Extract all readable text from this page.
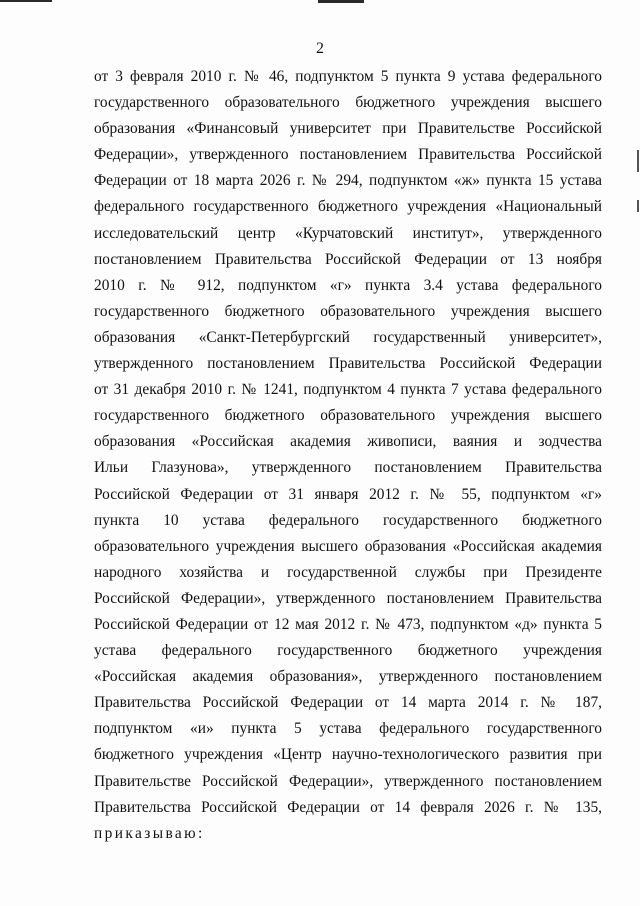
2
от 3 февраля 2010 г. № 46, подпунктом 5 пункта 9 устава федерального
государственного образовательного бюджетного учреждения высшего
образования «Финансовый университет при Правительстве Российской
Федерации», утвержденного постановлением Правительства Российской
Федерации от 18 марта 2026 г. № 294, подпунктом «ж» пункта 15 устава
федерального государственного бюджетного учреждения «Национальный
исследовательский центр «Курчатовский институт», утвержденного
постановлением Правительства Российской Федерации от 13 ноября
2010 г. № 912, подпунктом «г» пункта 3.4 устава федерального
государственного бюджетного образовательного учреждения высшего
образования «Санкт-Петербургский государственный университет»,
утвержденного постановлением Правительства Российской Федерации
от 31 декабря 2010 г. № 1241, подпунктом 4 пункта 7 устава федерального
государственного бюджетного образовательного учреждения высшего
образования «Российская академия живописи, ваяния и зодчества
Ильи Глазунова», утвержденного постановлением Правительства
Российской Федерации от 31 января 2012 г. № 55, подпунктом «г»
пункта 10 устава федерального государственного бюджетного
образовательного учреждения высшего образования «Российская академия
народного хозяйства и государственной службы при Президенте
Российской Федерации», утвержденного постановлением Правительства
Российской Федерации от 12 мая 2012 г. № 473, подпунктом «д» пункта 5
устава федерального государственного бюджетного учреждения
«Российская академия образования», утвержденного постановлением
Правительства Российской Федерации от 14 марта 2014 г. № 187,
подпунктом «и» пункта 5 устава федерального государственного
бюджетного учреждения «Центр научно-технологического развития при
Правительстве Российской Федерации», утвержденного постановлением
Правительства Российской Федерации от 14 февраля 2026 г. № 135,
приказываю:
